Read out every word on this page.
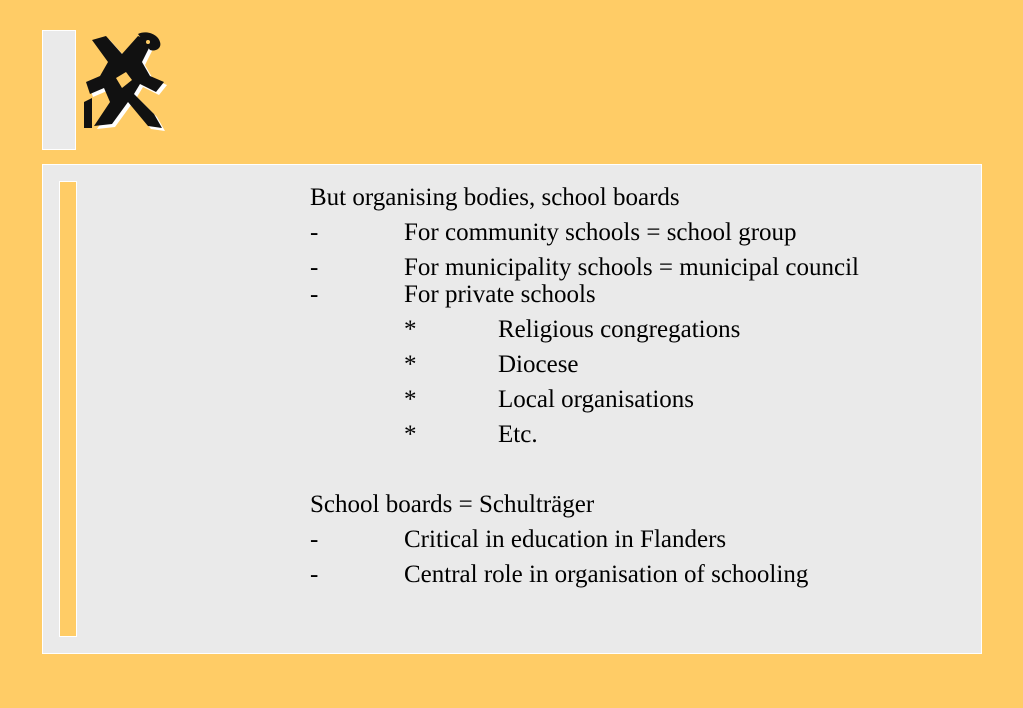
But organising bodies, school boards
-	For community schools = school group
-	For municipality schools = municipal council
-	For private schools
*	Religious congregations
*	Diocese
*	Local organisations
*	Etc.
School boards = Schulträger
-	Critical in education in Flanders
-	Central role in organisation of schooling
